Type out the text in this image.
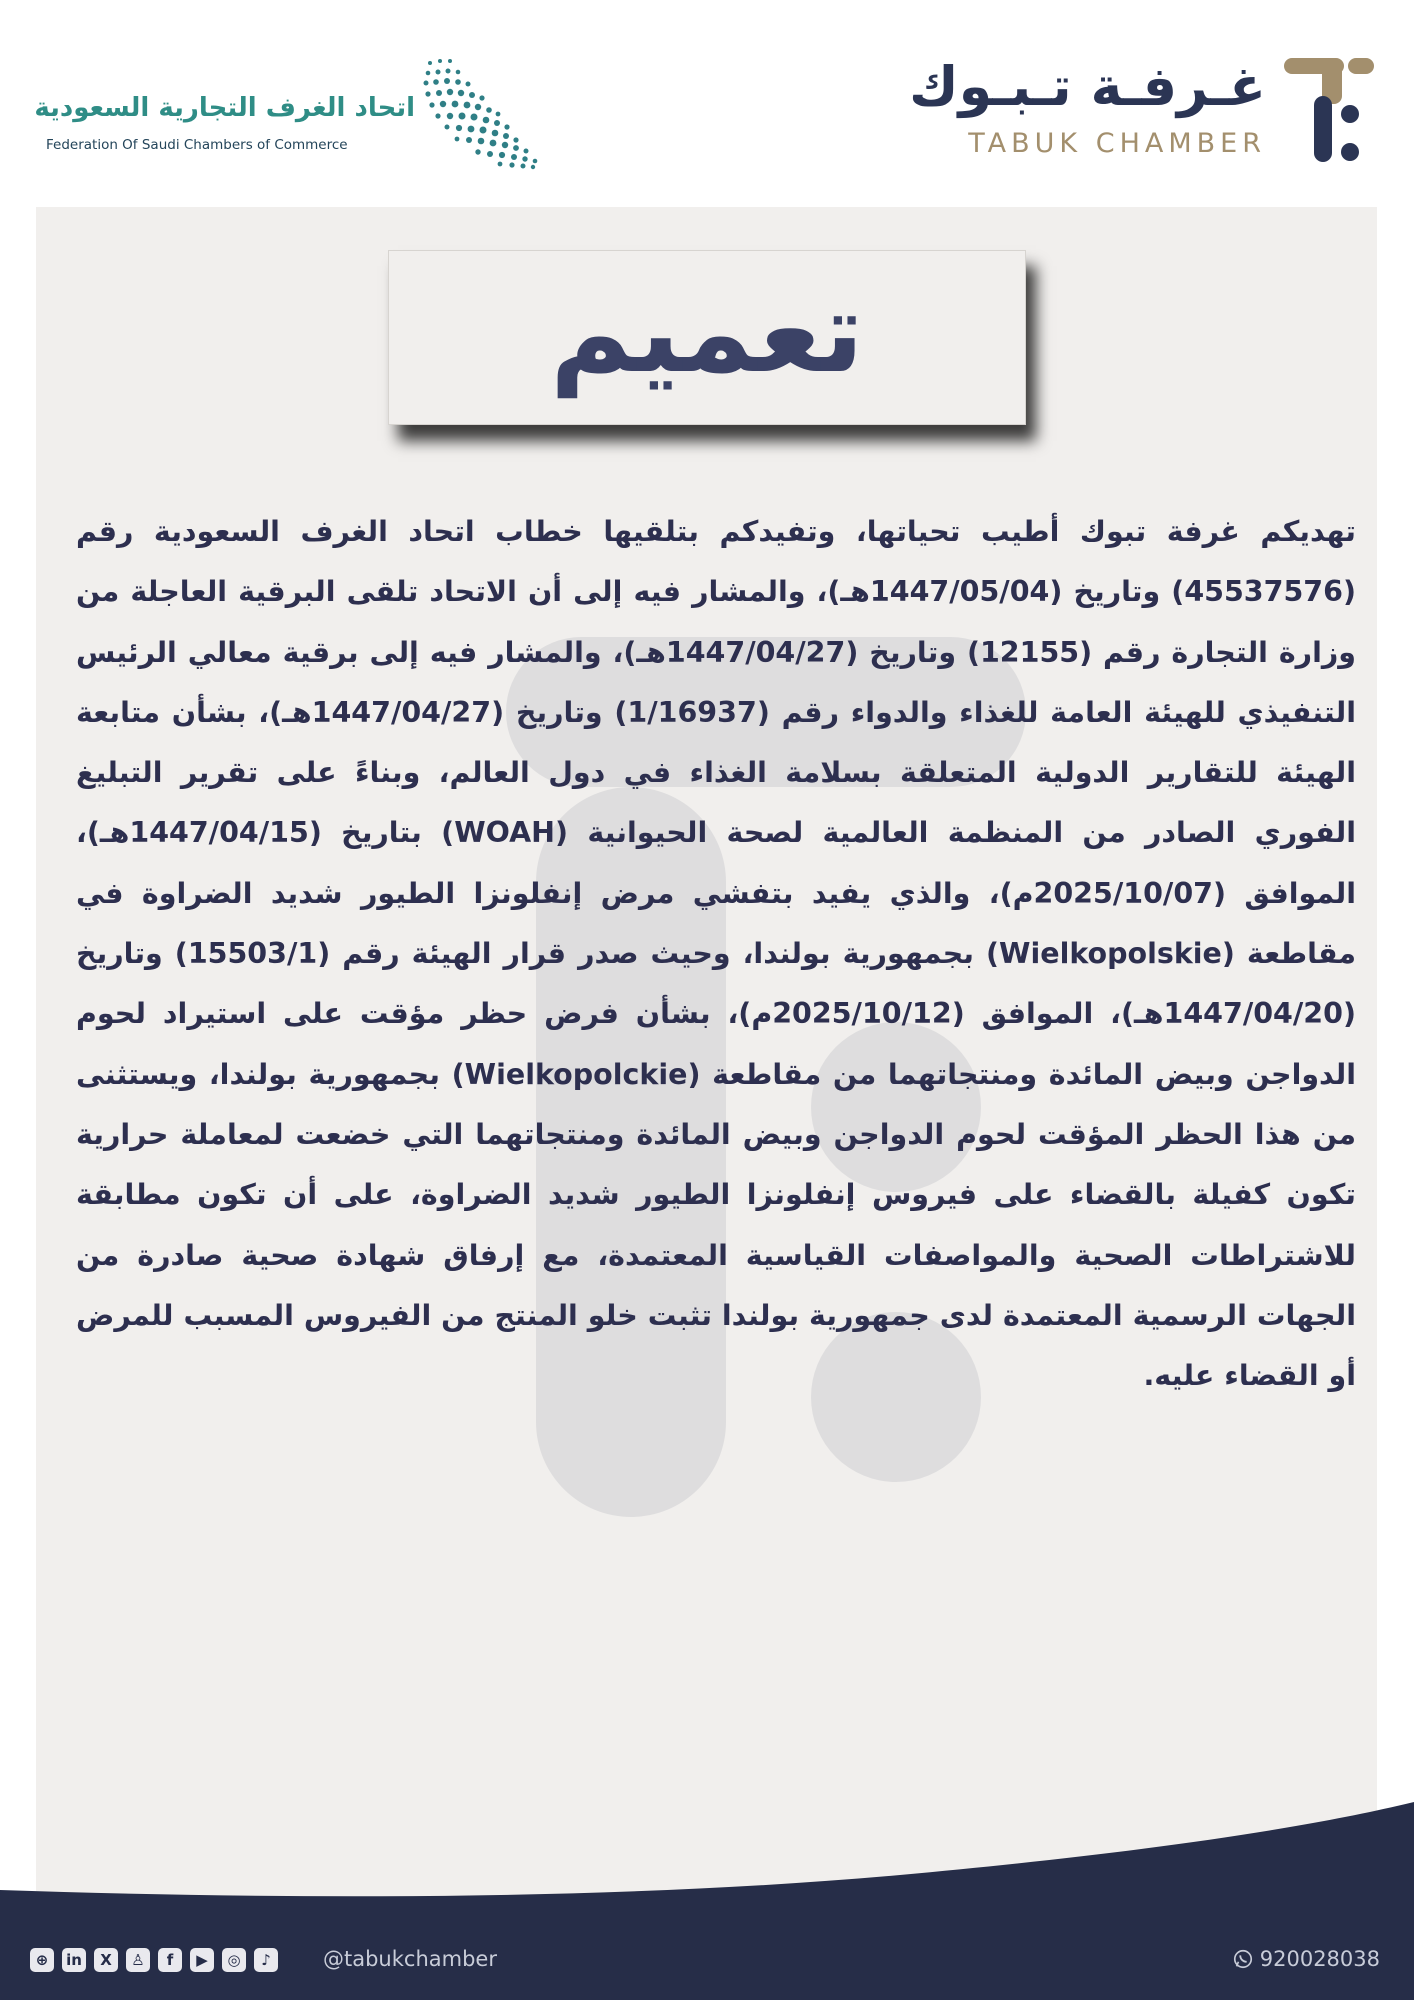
اتحاد الغرف التجارية السعودية
Federation Of Saudi Chambers of Commerce
غـرفـة تـبـوك
TABUK CHAMBER
تعميم
تهديكم غرفة تبوك أطيب تحياتها، وتفيدكم بتلقيها خطاب اتحاد الغرف السعودية رقم (45537576) وتاريخ (1447/05/04هـ)، والمشار فيه إلى أن الاتحاد تلقى البرقية العاجلة من وزارة التجارة رقم (12155) وتاريخ (1447/04/27هـ)، والمشار فيه إلى برقية معالي الرئيس التنفيذي للهيئة العامة للغذاء والدواء رقم (1/16937) وتاريخ (1447/04/27هـ)، بشأن متابعة الهيئة للتقارير الدولية المتعلقة بسلامة الغذاء في دول العالم، وبناءً على تقرير التبليغ الفوري الصادر من المنظمة العالمية لصحة الحيوانية (WOAH) بتاريخ (1447/04/15هـ)، الموافق (2025/10/07م)، والذي يفيد بتفشي مرض إنفلونزا الطيور شديد الضراوة في مقاطعة (Wielkopolskie) بجمهورية بولندا، وحيث صدر قرار الهيئة رقم (15503/1) وتاريخ (1447/04/20هـ)، الموافق (2025/10/12م)، بشأن فرض حظر مؤقت على استيراد لحوم الدواجن وبيض المائدة ومنتجاتهما من مقاطعة (Wielkopolckie) بجمهورية بولندا، ويستثنى من هذا الحظر المؤقت لحوم الدواجن وبيض المائدة ومنتجاتهما التي خضعت لمعاملة حرارية تكون كفيلة بالقضاء على فيروس إنفلونزا الطيور شديد الضراوة، على أن تكون مطابقة للاشتراطات الصحية والمواصفات القياسية المعتمدة، مع إرفاق شهادة صحية صادرة من الجهات الرسمية المعتمدة لدى جمهورية بولندا تثبت خلو المنتج من الفيروس المسبب للمرض أو القضاء عليه.
⊕	in	X	♙	f	▶	◎	♪	@tabukchamber	920028038
